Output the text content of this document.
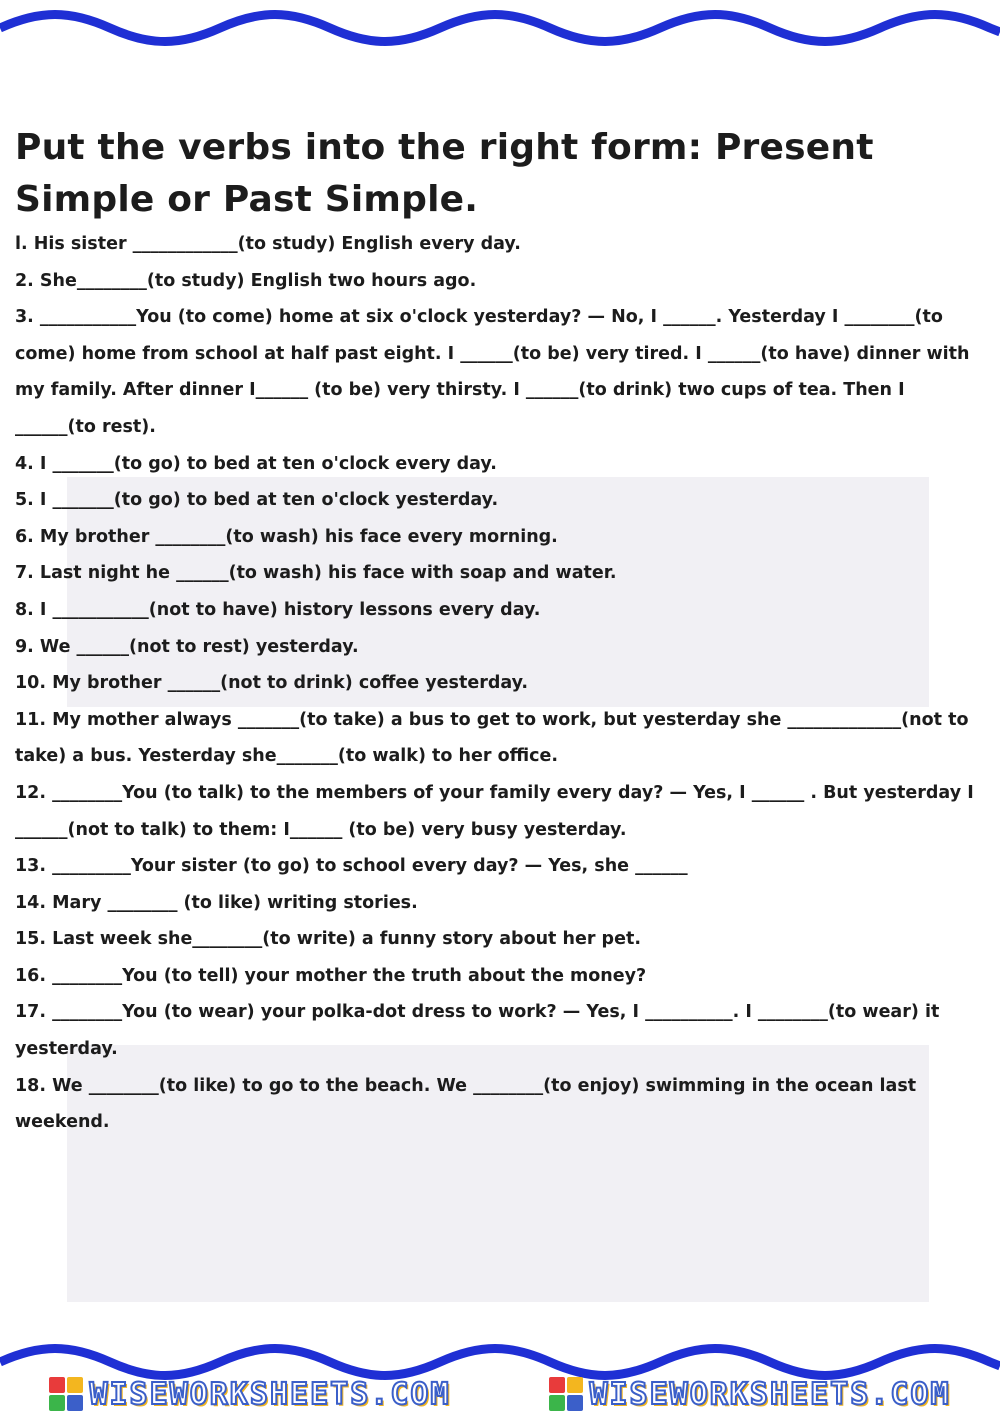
Put the verbs into the right form: Present Simple or Past Simple.

l. His sister ____________(to study) English every day.

2. She________(to study) English two hours ago.

3. ___________You (to come) home at six o'clock yesterday? — No, I ______. Yesterday I ________(to come) home from school at half past eight. I ______(to be) very tired. I ______(to have) dinner with my family. After dinner I______ (to be) very thirsty. I ______(to drink) two cups of tea. Then I ______(to rest).

4. I _______(to go) to bed at ten o'clock every day.

5. I _______(to go) to bed at ten o'clock yesterday.

6. My brother ________(to wash) his face every morning.

7. Last night he ______(to wash) his face with soap and water.

8. I ___________(not to have) history lessons every day.

9. We ______(not to rest) yesterday.

10. My brother ______(not to drink) coffee yesterday.

11. My mother always _______(to take) a bus to get to work, but yesterday she _____________(not to take) a bus. Yesterday she_______(to walk) to her office.

12. ________You (to talk) to the members of your family every day? — Yes, I ______ . But yesterday I ______(not to talk) to them: I______ (to be) very busy yesterday.

13. _________Your sister (to go) to school every day? — Yes, she ______

14. Mary ________ (to like) writing stories.

15. Last week she________(to write) a funny story about her pet.

16. ________You (to tell) your mother the truth about the money?

17. ________You (to wear) your polka-dot dress to work? — Yes, I __________. I ________(to wear) it yesterday.

18. We ________(to like) to go to the beach. We ________(to enjoy) swimming in the ocean last weekend.

WISEWORKSHEETS.COM	WISEWORKSHEETS.COM
